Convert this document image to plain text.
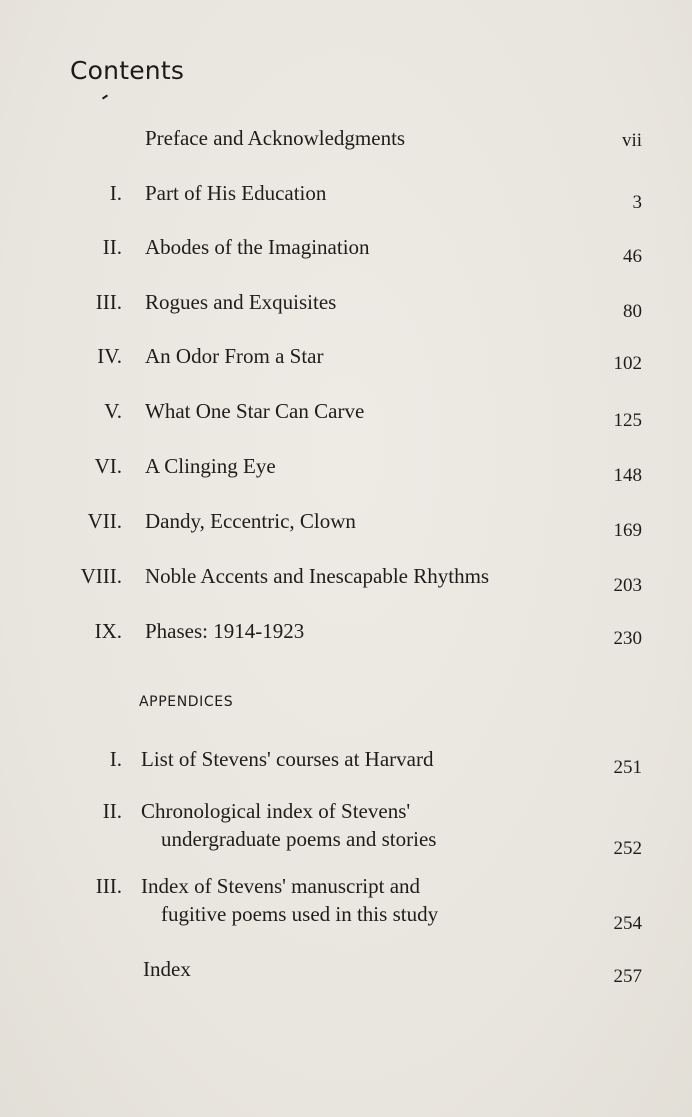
Contents
Preface and Acknowledgments	vii
I. Part of His Education	3
II. Abodes of the Imagination	46
III. Rogues and Exquisites	80
IV. An Odor From a Star	102
V. What One Star Can Carve	125
VI. A Clinging Eye	148
VII. Dandy, Eccentric, Clown	169
VIII. Noble Accents and Inescapable Rhythms	203
IX. Phases: 1914-1923	230
APPENDICES
I. List of Stevens' courses at Harvard	251
II. Chronological index of Stevens'
undergraduate poems and stories	252
III. Index of Stevens' manuscript and
fugitive poems used in this study	254
Index	257
